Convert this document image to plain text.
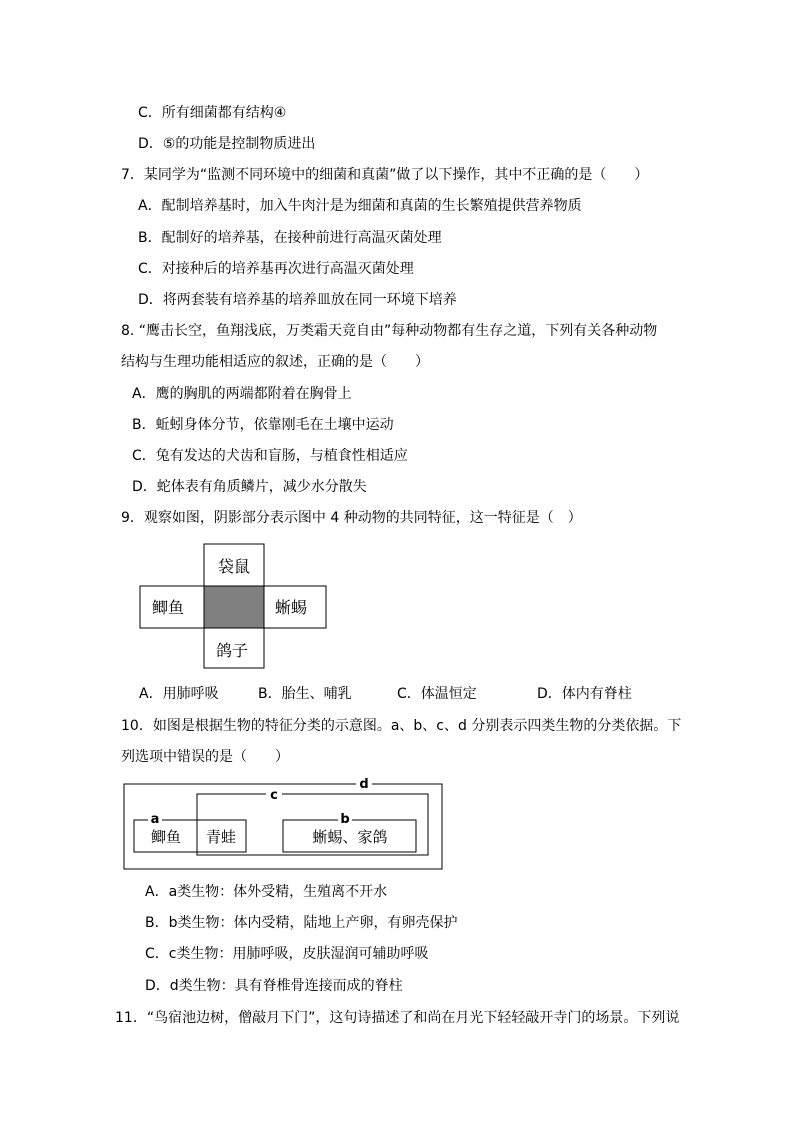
C．所有细菌都有结构④
D．⑤的功能是控制物质进出
7．某同学为“监测不同环境中的细菌和真菌”做了以下操作，其中不正确的是（　　）
A．配制培养基时，加入牛肉汁是为细菌和真菌的生长繁殖提供营养物质
B．配制好的培养基，在接种前进行高温灭菌处理
C．对接种后的培养基再次进行高温灭菌处理
D．将两套装有培养基的培养皿放在同一环境下培养
8. “鹰击长空，鱼翔浅底，万类霜天竞自由”每种动物都有生存之道，下列有关各种动物
结构与生理功能相适应的叙述，正确的是（　　）
A．鹰的胸肌的两端都附着在胸骨上
B．蚯蚓身体分节，依靠刚毛在土壤中运动
C．兔有发达的犬齿和盲肠，与植食性相适应
D．蛇体表有角质鳞片，减少水分散失
9．观察如图，阴影部分表示图中 4 种动物的共同特征，这一特征是（　）
袋鼠
鲫鱼	蜥蜴
鸽子
A．用肺呼吸	B．胎生、哺乳	C．体温恒定	D．体内有脊柱
10．如图是根据生物的特征分类的示意图。a、b、c、d 分别表示四类生物的分类依据。下
列选项中错误的是（　　）
d
c
a	b
鲫鱼 青蛙	蜥蜴、家鸽
A．a类生物：体外受精，生殖离不开水
B．b类生物：体内受精，陆地上产卵，有卵壳保护
C．c类生物：用肺呼吸，皮肤湿润可辅助呼吸
D．d类生物：具有脊椎骨连接而成的脊柱
11．“鸟宿池边树，僧敲月下门”，这句诗描述了和尚在月光下轻轻敲开寺门的场景。下列说
